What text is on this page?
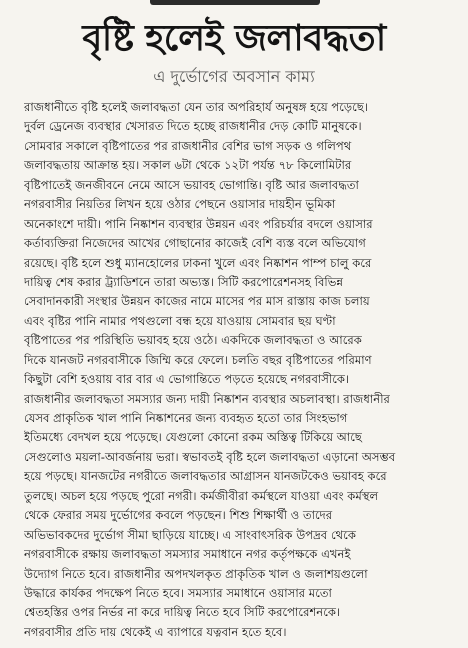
বৃষ্টি হলেই জলাবদ্ধতা
এ দুর্ভোগের অবসান কাম্য
রাজধানীতে বৃষ্টি হলেই জলাবদ্ধতা যেন তার অপরিহার্য অনুষঙ্গ হয়ে পড়েছে।
দুর্বল ড্রেনেজ ব্যবস্থার খেসারত দিতে হচ্ছে রাজধানীর দেড় কোটি মানুষকে।
সোমবার সকালে বৃষ্টিপাতের পর রাজধানীর বেশির ভাগ সড়ক ও গলিপথ
জলাবদ্ধতায় আক্রান্ত হয়। সকাল ৬টা থেকে ১২টা পর্যন্ত ৭৮ কিলোমিটার
বৃষ্টিপাতেই জনজীবনে নেমে আসে ভয়াবহ ভোগান্তি। বৃষ্টি আর জলাবদ্ধতা
নগরবাসীর নিয়তির লিখন হয়ে ওঠার পেছনে ওয়াসার দায়হীন ভূমিকা
অনেকাংশে দায়ী। পানি নিষ্কাশন ব্যবস্থার উন্নয়ন এবং পরিচর্যার বদলে ওয়াসার
কর্তাব্যক্তিরা নিজেদের আখের গোছানোর কাজেই বেশি ব্যস্ত বলে অভিযোগ
রয়েছে। বৃষ্টি হলে শুধু ম্যানহোলের ঢাকনা খুলে এবং নিষ্কাশন পাম্প চালু করে
দায়িত্ব শেষ করার ট্র্যাডিশনে তারা অভ্যস্ত। সিটি করপোরেশনসহ বিভিন্ন
সেবাদানকারী সংস্থার উন্নয়ন কাজের নামে মাসের পর মাস রাস্তায় কাজ চলায়
এবং বৃষ্টির পানি নামার পথগুলো বন্ধ হয়ে যাওয়ায় সোমবার ছয় ঘণ্টা
বৃষ্টিপাতের পর পরিস্থিতি ভয়াবহ হয়ে ওঠে। একদিকে জলাবদ্ধতা ও আরেক
দিকে যানজট নগরবাসীকে জিম্মি করে ফেলে। চলতি বছর বৃষ্টিপাতের পরিমাণ
কিছুটা বেশি হওয়ায় বার বার এ ভোগান্তিতে পড়তে হয়েছে নগরবাসীকে।
রাজধানীর জলাবদ্ধতা সমস্যার জন্য দায়ী নিষ্কাশন ব্যবস্থার অচলাবস্থা। রাজধানীর
যেসব প্রাকৃতিক খাল পানি নিষ্কাশনের জন্য ব্যবহৃত হতো তার সিংহভাগ
ইতিমধ্যে বেদখল হয়ে পড়েছে। যেগুলো কোনো রকম অস্তিত্ব টিকিয়ে আছে
সেগুলোও ময়লা-আবর্জনায় ভরা। স্বভাবতই বৃষ্টি হলে জলাবদ্ধতা এড়ানো অসম্ভব
হয়ে পড়ছে। যানজটের নগরীতে জলাবদ্ধতার আগ্রাসন যানজটকেও ভয়াবহ করে
তুলছে। অচল হয়ে পড়ছে পুরো নগরী। কর্মজীবীরা কর্মস্থলে যাওয়া এবং কর্মস্থল
থেকে ফেরার সময় দুর্ভোগের কবলে পড়ছেন। শিশু শিক্ষার্থী ও তাদের
অভিভাবকদের দুর্ভোগ সীমা ছাড়িয়ে যাচ্ছে। এ সাংবাৎসরিক উপদ্রব থেকে
নগরবাসীকে রক্ষায় জলাবদ্ধতা সমস্যার সমাধানে নগর কর্তৃপক্ষকে এখনই
উদ্যোগ নিতে হবে। রাজধানীর অপদখলকৃত প্রাকৃতিক খাল ও জলাশয়গুলো
উদ্ধারে কার্যকর পদক্ষেপ নিতে হবে। সমস্যার সমাধানে ওয়াসার মতো
শ্বেতহস্তির ওপর নির্ভর না করে দায়িত্ব নিতে হবে সিটি করপোরেশনকে।
নগরবাসীর প্রতি দায় থেকেই এ ব্যাপারে যত্নবান হতে হবে।
